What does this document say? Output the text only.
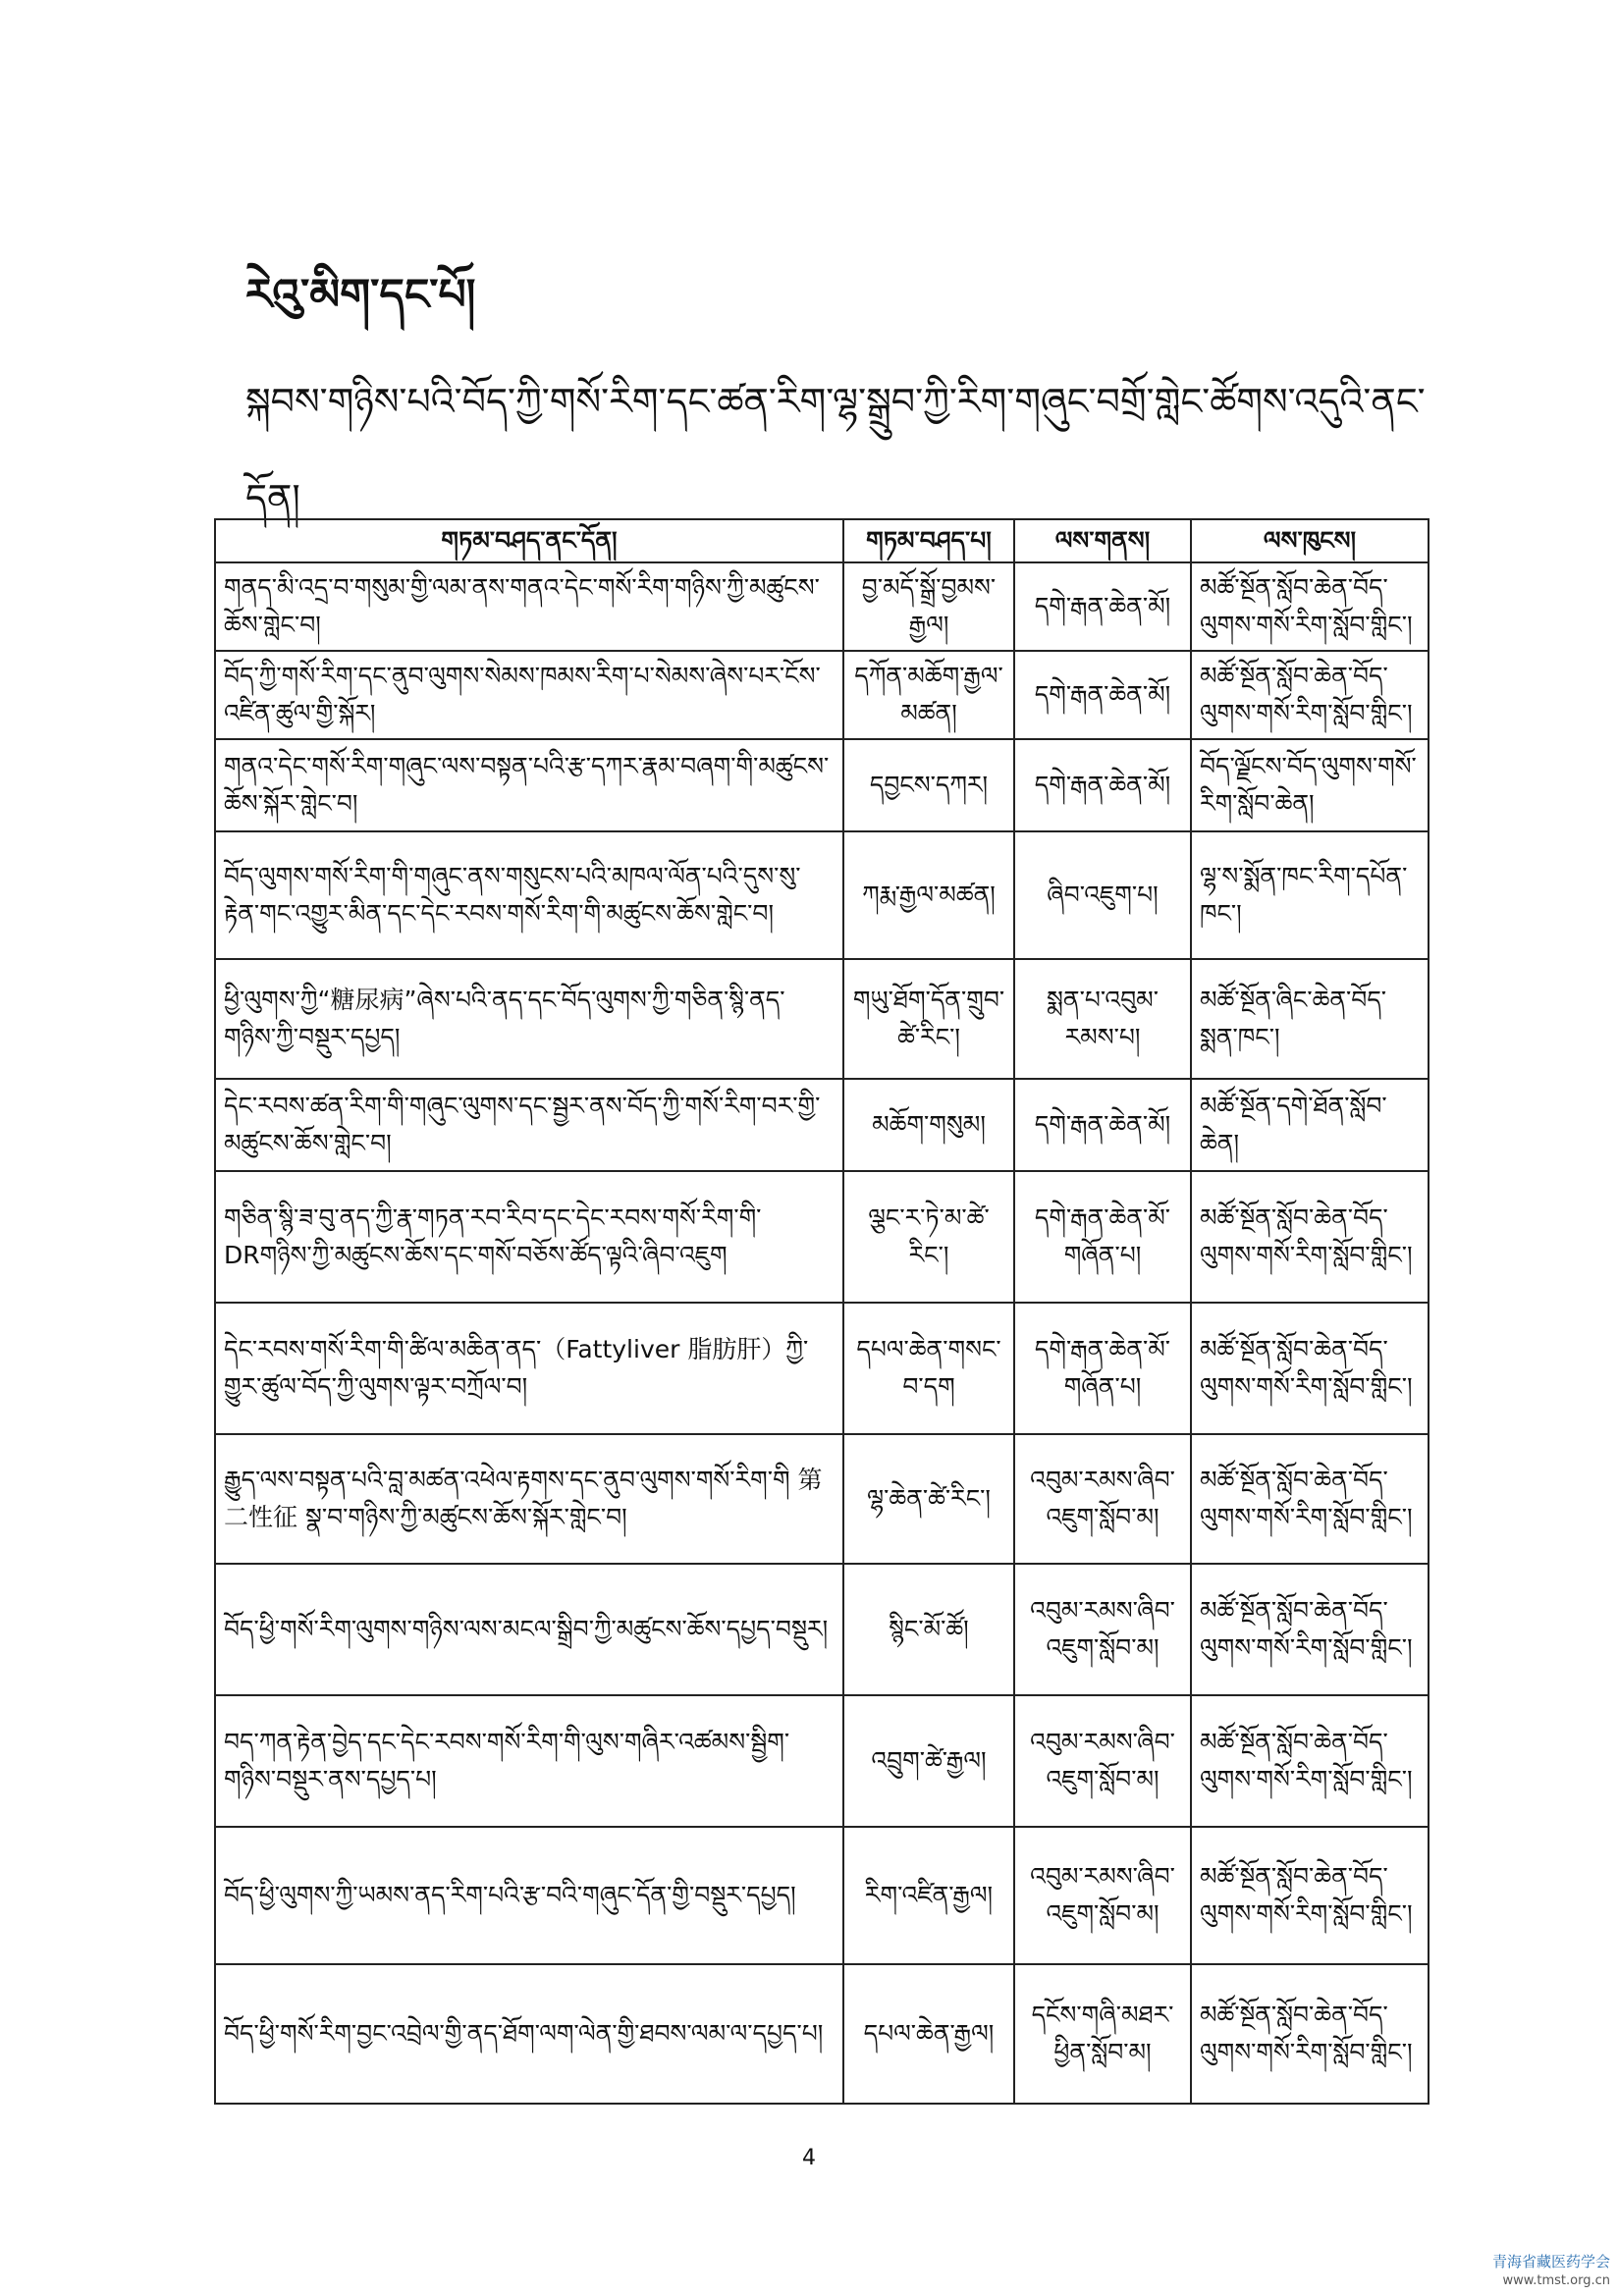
རེའུ་མིག་དང་པོ།

སྐབས་གཉིས་པའི་བོད་ཀྱི་གསོ་རིག་དང་ཚན་རིག་ལྷ་སྒྲུབ་ཀྱི་རིག་གཞུང་བགྲོ་གླེང་ཚོགས་འདུའི་ནང་དོན།

གཏམ་བཤད་ནང་དོན།	གཏམ་བཤད་པ།	ལས་གནས།	ལས་ཁུངས།
གནད་མི་འདྲ་བ་གསུམ་གྱི་ལམ་ནས་གནའ་དེང་གསོ་རིག་གཉིས་ཀྱི་མཚུངས་ཆོས་གླེང་བ།	བྱ་མདོ་སྒྲོ་བྱམས་རྒྱལ།	དགེ་རྒན་ཆེན་མོ།	མཚོ་སྔོན་སློབ་ཆེན་བོད་ལུགས་གསོ་རིག་སློབ་གླིང་།
བོད་ཀྱི་གསོ་རིག་དང་ནུབ་ལུགས་སེམས་ཁམས་རིག་པ་སེམས་ཞེས་པར་ངོས་འཛིན་ཚུལ་གྱི་སྐོར།	དཀོན་མཆོག་རྒྱལ་མཚན།	དགེ་རྒན་ཆེན་མོ།	མཚོ་སྔོན་སློབ་ཆེན་བོད་ལུགས་གསོ་རིག་སློབ་གླིང་།
གནའ་དེང་གསོ་རིག་གཞུང་ལས་བསྟན་པའི་རྩ་དཀར་རྣམ་བཞག་གི་མཚུངས་ཆོས་སྐོར་གླེང་བ།	དབྱངས་དཀར།	དགེ་རྒན་ཆེན་མོ།	བོད་ལྗོངས་བོད་ལུགས་གསོ་རིག་སློབ་ཆེན།
བོད་ལུགས་གསོ་རིག་གི་གཞུང་ནས་གསུངས་པའི་མཁལ་ལོན་པའི་དུས་སུ་རྟེན་གང་འགྱུར་མིན་དང་དེང་རབས་གསོ་རིག་གི་མཚུངས་ཆོས་གླེང་བ།	ཀརྨ་རྒྱལ་མཚན།	ཞིབ་འཇུག་པ།	ལྷ་ས་སྨོན་ཁང་རིག་དཔོན་ཁང་།
ཕྱི་ལུགས་ཀྱི“糖尿病”ཞེས་པའི་ནད་དང་བོད་ལུགས་ཀྱི་གཅིན་སྙི་ནད་གཉིས་ཀྱི་བསྡུར་དཔྱད།	གཡུ་ཐོག་དོན་གྲུབ་ཚེ་རིང་།	སྨན་པ་འབུམ་རམས་པ།	མཚོ་སྔོན་ཞིང་ཆེན་བོད་སྨན་ཁང་།
དེང་རབས་ཚན་རིག་གི་གཞུང་ལུགས་དང་སྦྱར་ནས་བོད་ཀྱི་གསོ་རིག་བར་གྱི་མཚུངས་ཆོས་གླེང་བ།	མཆོག་གསུམ།	དགེ་རྒན་ཆེན་མོ།	མཚོ་སྔོན་དགེ་ཐོན་སློབ་ཆེན།
གཅིན་སྙི་ཟ་བུ་ནད་ཀྱི་རྣ་གཏན་རབ་རིབ་དང་དེང་རབས་གསོ་རིག་གི་DRགཉིས་ཀྱི་མཚུངས་ཆོས་དང་གསོ་བཅོས་ཚོད་ལྟའི་ཞིབ་འཇུག	ལྕང་ར་ཏེ་མ་ཚེ་རིང་།	དགེ་རྒན་ཆེན་མོ་གཞོན་པ།	མཚོ་སྔོན་སློབ་ཆེན་བོད་ལུགས་གསོ་རིག་སློབ་གླིང་།
དེང་རབས་གསོ་རིག་གི་ཚིལ་མཆིན་ནད་（Fattyliver 脂肪肝）ཀྱི་གྱུར་ཚུལ་བོད་ཀྱི་ལུགས་ལྟར་བཀྲོལ་བ།	དཔལ་ཆེན་གསང་བ་དག	དགེ་རྒན་ཆེན་མོ་གཞོན་པ།	མཚོ་སྔོན་སློབ་ཆེན་བོད་ལུགས་གསོ་རིག་སློབ་གླིང་།
རྒྱུད་ལས་བསྟན་པའི་བླ་མཚན་འཕེལ་རྟགས་དང་ནུབ་ལུགས་གསོ་རིག་གི 第二性征 སྣ་བ་གཉིས་ཀྱི་མཚུངས་ཆོས་སྐོར་གླེང་བ།	ལྷ་ཆེན་ཚེ་རིང་།	འབུམ་རམས་ཞིབ་འཇུག་སློབ་མ།	མཚོ་སྔོན་སློབ་ཆེན་བོད་ལུགས་གསོ་རིག་སློབ་གླིང་།
བོད་ཕྱི་གསོ་རིག་ལུགས་གཉིས་ལས་མངལ་སྒྲིབ་ཀྱི་མཚུངས་ཆོས་དཔྱད་བསྡུར།	སྙིང་མོ་ཚོ།	འབུམ་རམས་ཞིབ་འཇུག་སློབ་མ།	མཚོ་སྔོན་སློབ་ཆེན་བོད་ལུགས་གསོ་རིག་སློབ་གླིང་།
བད་ཀན་རྟེན་བྱེད་དང་དེང་རབས་གསོ་རིག་གི་ལུས་གཞིར་འཚམས་སྦྱིག་གཉིས་བསྡུར་ནས་དཔྱད་པ།	འབྲུག་ཚེ་རྒྱལ།	འབུམ་རམས་ཞིབ་འཇུག་སློབ་མ།	མཚོ་སྔོན་སློབ་ཆེན་བོད་ལུགས་གསོ་རིག་སློབ་གླིང་།
བོད་ཕྱི་ལུགས་ཀྱི་ཡམས་ནད་རིག་པའི་རྩ་བའི་གཞུང་དོན་གྱི་བསྡུར་དཔྱད།	རིག་འཛིན་རྒྱལ།	འབུམ་རམས་ཞིབ་འཇུག་སློབ་མ།	མཚོ་སྔོན་སློབ་ཆེན་བོད་ལུགས་གསོ་རིག་སློབ་གླིང་།
བོད་ཕྱི་གསོ་རིག་བྱང་འབྲེལ་གྱི་ནད་ཐོག་ལག་ལེན་གྱི་ཐབས་ལམ་ལ་དཔྱད་པ།	དཔལ་ཆེན་རྒྱལ།	དངོས་གཞི་མཐར་ཕྱིན་སློབ་མ།	མཚོ་སྔོན་སློབ་ཆེན་བོད་ལུགས་གསོ་རིག་སློབ་གླིང་།

4

青海省藏医药学会
www.tmst.org.cn
